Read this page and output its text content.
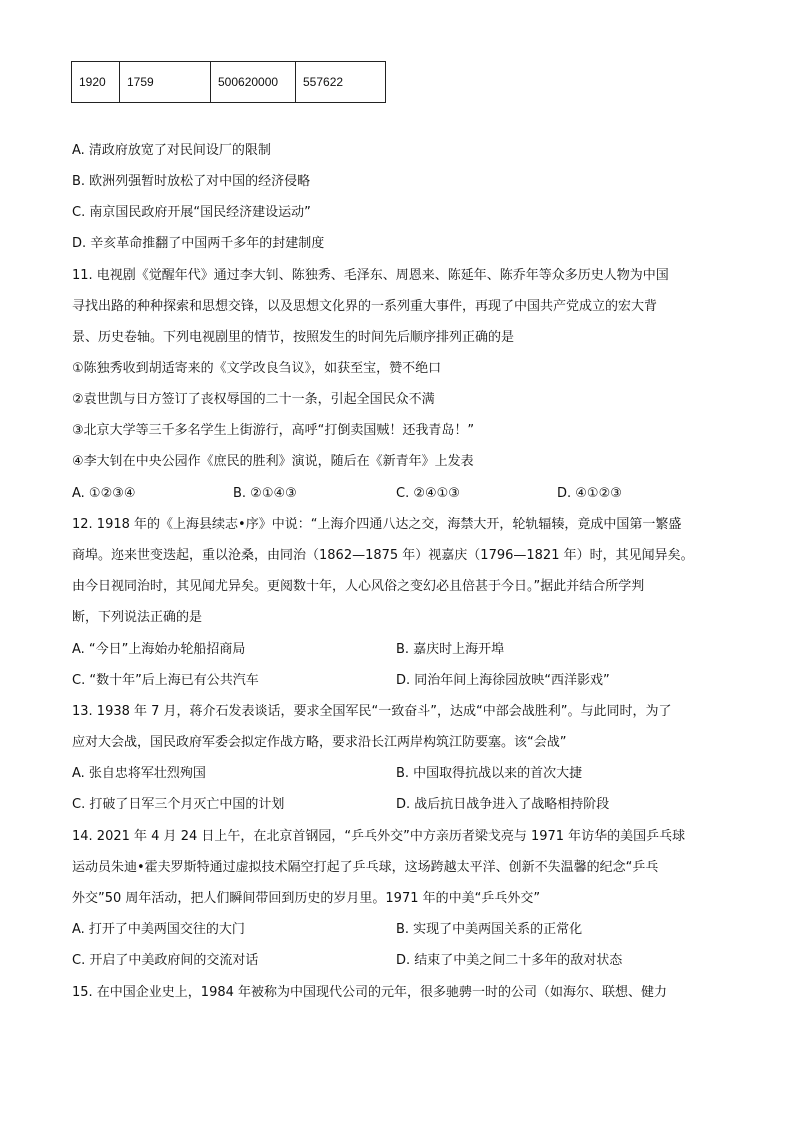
1920	1759	500620000	557622
A. 清政府放宽了对民间设厂的限制
B. 欧洲列强暂时放松了对中国的经济侵略
C. 南京国民政府开展“国民经济建设运动”
D. 辛亥革命推翻了中国两千多年的封建制度
11. 电视剧《觉醒年代》通过李大钊、陈独秀、毛泽东、周恩来、陈延年、陈乔年等众多历史人物为中国
寻找出路的种种探索和思想交锋，以及思想文化界的一系列重大事件，再现了中国共产党成立的宏大背
景、历史卷轴。下列电视剧里的情节，按照发生的时间先后顺序排列正确的是
①陈独秀收到胡适寄来的《文学改良刍议》，如获至宝，赞不绝口
②袁世凯与日方签订了丧权辱国的二十一条，引起全国民众不满
③北京大学等三千多名学生上街游行，高呼“打倒卖国贼！还我青岛！”
④李大钊在中央公园作《庶民的胜利》演说，随后在《新青年》上发表
A. ①②③④	B. ②①④③	C. ②④①③	D. ④①②③
12. 1918 年的《上海县续志•序》中说：“上海介四通八达之交，海禁大开，轮轨辐辏，竟成中国第一繁盛
商埠。迩来世变迭起，重以沧桑，由同治（1862—1875 年）视嘉庆（1796—1821 年）时，其见闻异矣。
由今日视同治时，其见闻尤异矣。更阅数十年，人心风俗之变幻必且倍甚于今日。”据此并结合所学判
断，下列说法正确的是
A. “今日”上海始办轮船招商局	B. 嘉庆时上海开埠
C. “数十年”后上海已有公共汽车	D. 同治年间上海徐园放映“西洋影戏”
13. 1938 年 7 月，蒋介石发表谈话，要求全国军民“一致奋斗”，达成“中部会战胜利”。与此同时，为了
应对大会战，国民政府军委会拟定作战方略，要求沿长江两岸构筑江防要塞。该“会战”
A. 张自忠将军壮烈殉国	B. 中国取得抗战以来的首次大捷
C. 打破了日军三个月灭亡中国的计划	D. 战后抗日战争进入了战略相持阶段
14. 2021 年 4 月 24 日上午，在北京首钢园，“乒乓外交”中方亲历者梁戈亮与 1971 年访华的美国乒乓球
运动员朱迪•霍夫罗斯特通过虚拟技术隔空打起了乒乓球，这场跨越太平洋、创新不失温馨的纪念“乒乓
外交”50 周年活动，把人们瞬间带回到历史的岁月里。1971 年的中美“乒乓外交”
A. 打开了中美两国交往的大门	B. 实现了中美两国关系的正常化
C. 开启了中美政府间的交流对话	D. 结束了中美之间二十多年的敌对状态
15. 在中国企业史上，1984 年被称为中国现代公司的元年，很多驰骋一时的公司（如海尔、联想、健力
